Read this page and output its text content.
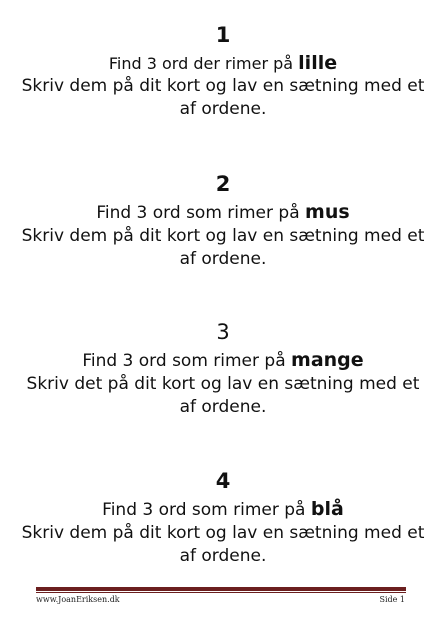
1
Find 3 ord der rimer på lille
Skriv dem på dit kort og lav en sætning med et
af ordene.
2
Find 3 ord som rimer på mus
Skriv dem på dit kort og lav en sætning med et
af ordene.
3
Find 3 ord som rimer på mange
Skriv det på dit kort og lav en sætning med et
af ordene.
4
Find 3 ord som rimer på blå
Skriv dem på dit kort og lav en sætning med et
af ordene.
www.JoanEriksen.dk	Side 1
